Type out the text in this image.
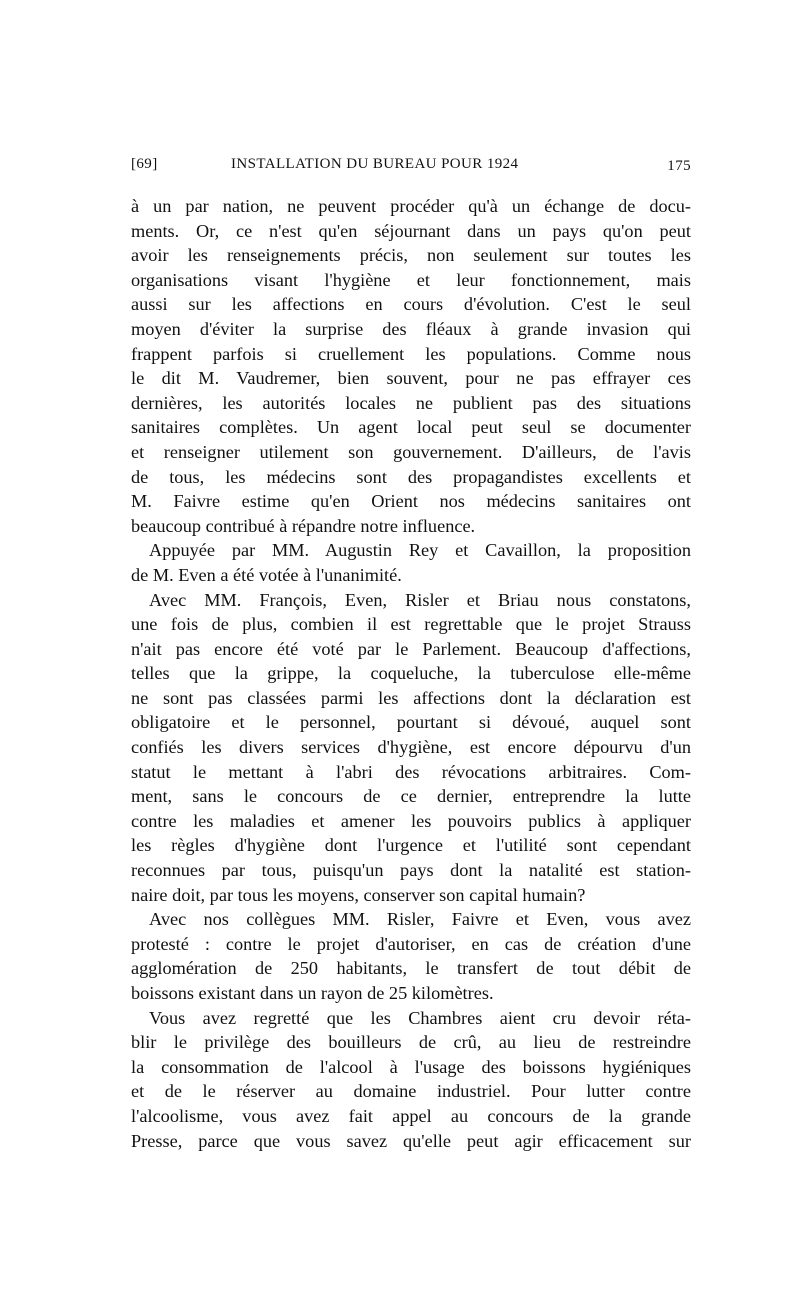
[69]	INSTALLATION DU BUREAU POUR 1924	175
à un par nation, ne peuvent procéder qu'à un échange de docu-
ments. Or, ce n'est qu'en séjournant dans un pays qu'on peut
avoir les renseignements précis, non seulement sur toutes les
organisations visant l'hygiène et leur fonctionnement, mais
aussi sur les affections en cours d'évolution. C'est le seul
moyen d'éviter la surprise des fléaux à grande invasion qui
frappent parfois si cruellement les populations. Comme nous
le dit M. Vaudremer, bien souvent, pour ne pas effrayer ces
dernières, les autorités locales ne publient pas des situations
sanitaires complètes. Un agent local peut seul se documenter
et renseigner utilement son gouvernement. D'ailleurs, de l'avis
de tous, les médecins sont des propagandistes excellents et
M. Faivre estime qu'en Orient nos médecins sanitaires ont
beaucoup contribué à répandre notre influence.
Appuyée par MM. Augustin Rey et Cavaillon, la proposition
de M. Even a été votée à l'unanimité.
Avec MM. François, Even, Risler et Briau nous constatons,
une fois de plus, combien il est regrettable que le projet Strauss
n'ait pas encore été voté par le Parlement. Beaucoup d'affections,
telles que la grippe, la coqueluche, la tuberculose elle-même
ne sont pas classées parmi les affections dont la déclaration est
obligatoire et le personnel, pourtant si dévoué, auquel sont
confiés les divers services d'hygiène, est encore dépourvu d'un
statut le mettant à l'abri des révocations arbitraires. Com-
ment, sans le concours de ce dernier, entreprendre la lutte
contre les maladies et amener les pouvoirs publics à appliquer
les règles d'hygiène dont l'urgence et l'utilité sont cependant
reconnues par tous, puisqu'un pays dont la natalité est station-
naire doit, par tous les moyens, conserver son capital humain?
Avec nos collègues MM. Risler, Faivre et Even, vous avez
protesté : contre le projet d'autoriser, en cas de création d'une
agglomération de 250 habitants, le transfert de tout débit de
boissons existant dans un rayon de 25 kilomètres.
Vous avez regretté que les Chambres aient cru devoir réta-
blir le privilège des bouilleurs de crû, au lieu de restreindre
la consommation de l'alcool à l'usage des boissons hygiéniques
et de le réserver au domaine industriel. Pour lutter contre
l'alcoolisme, vous avez fait appel au concours de la grande
Presse, parce que vous savez qu'elle peut agir efficacement sur
